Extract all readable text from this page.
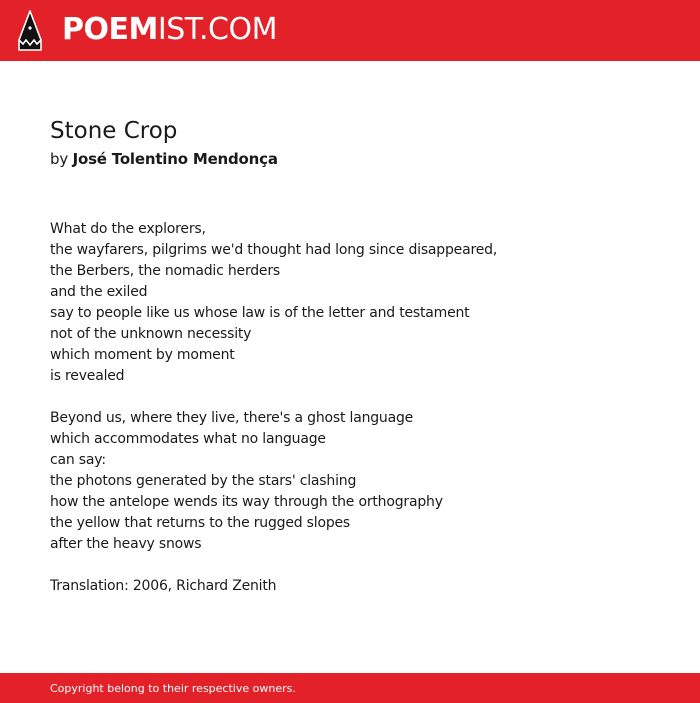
POEMIST.COM
Stone Crop

by José Tolentino Mendonça

What do the explorers,
the wayfarers, pilgrims we'd thought had long since disappeared,
the Berbers, the nomadic herders
and the exiled
say to people like us whose law is of the letter and testament
not of the unknown necessity
which moment by moment
is revealed
Beyond us, where they live, there's a ghost language
which accommodates what no language
can say:
the photons generated by the stars' clashing
how the antelope wends its way through the orthography
the yellow that returns to the rugged slopes
after the heavy snows

Translation: 2006, Richard Zenith

Copyright belong to their respective owners.
